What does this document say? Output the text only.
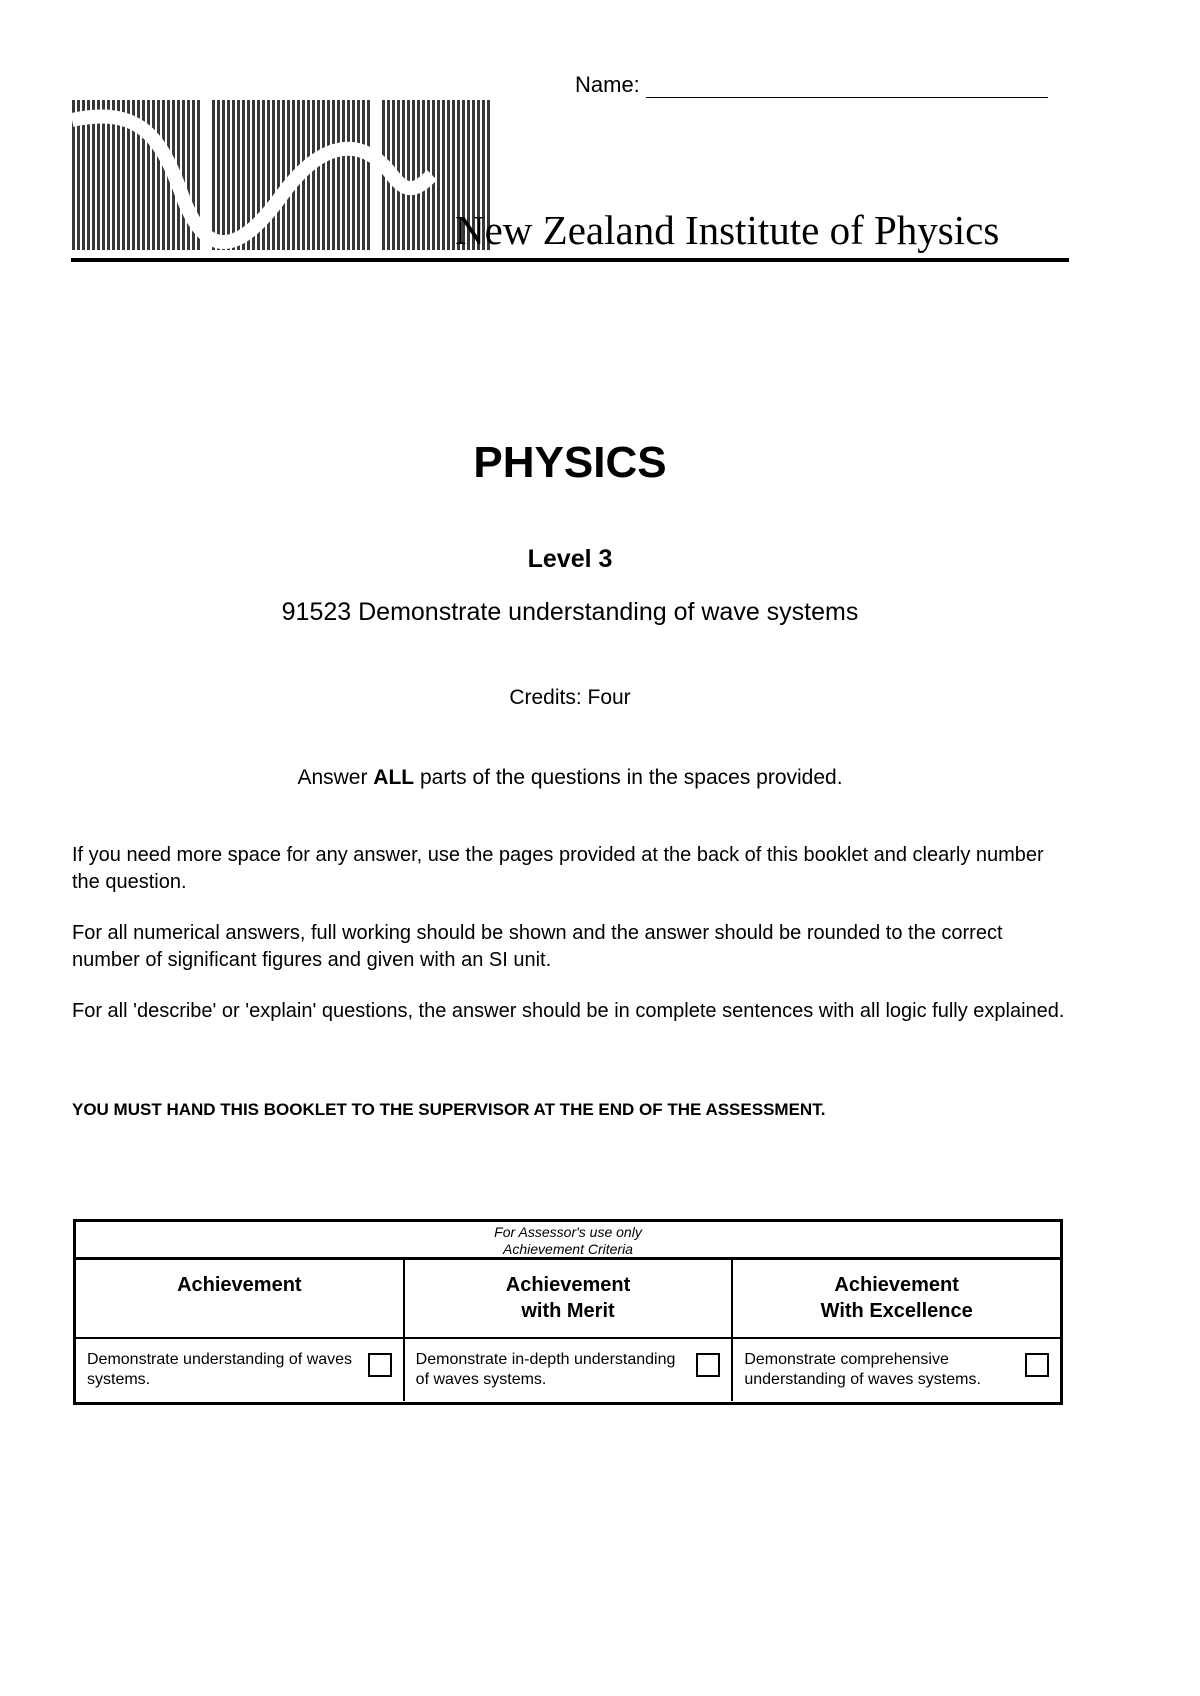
Name:
New Zealand Institute of Physics
PHYSICS
Level 3
91523 Demonstrate understanding of wave systems
Credits: Four
Answer ALL parts of the questions in the spaces provided.
If you need more space for any answer, use the pages provided at the back of this booklet and clearly number the question.
For all numerical answers, full working should be shown and the answer should be rounded to the correct number of significant figures and given with an SI unit.
For all 'describe' or 'explain' questions, the answer should be in complete sentences with all logic fully explained.
YOU MUST HAND THIS BOOKLET TO THE SUPERVISOR AT THE END OF THE ASSESSMENT.
For Assessor's use only
Achievement Criteria
Achievement	Achievement
with Merit
Achievement
With Excellence
Demonstrate understanding of waves systems.
Demonstrate in-depth understanding of waves systems.
Demonstrate comprehensive understanding of waves systems.
